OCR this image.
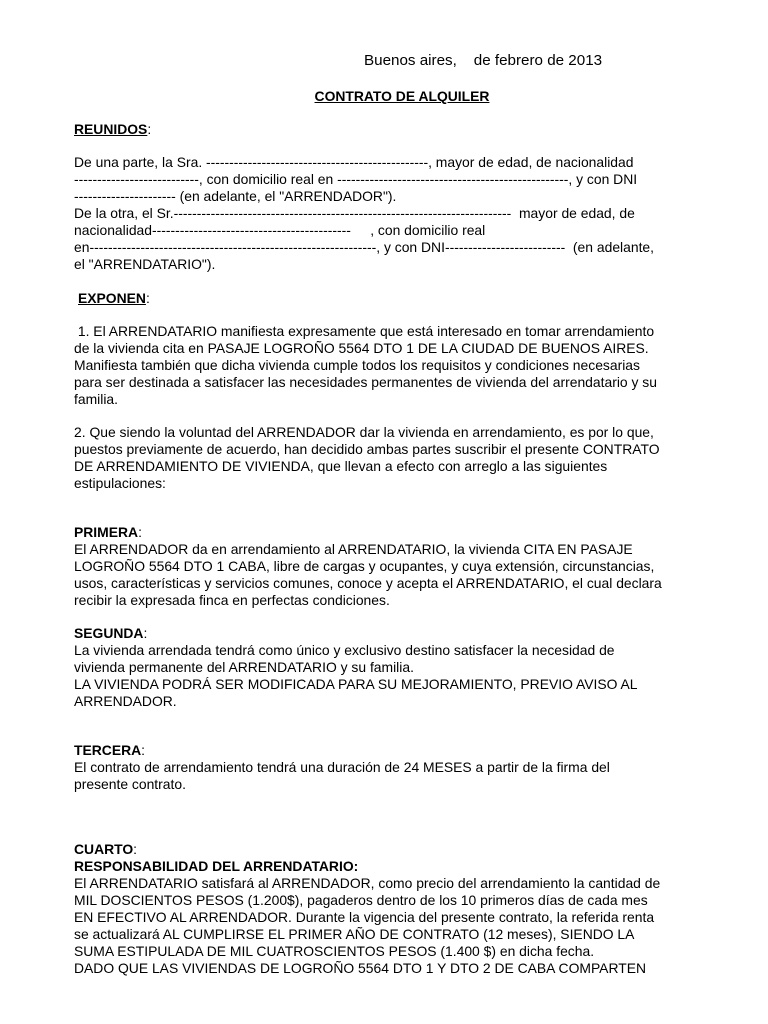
Buenos aires,    de febrero de 2013
CONTRATO DE ALQUILER
REUNIDOS:
De una parte, la Sra. ------------------------------------------------, mayor de edad, de nacionalidad
---------------------------, con domicilio real en --------------------------------------------------, y con DNI
---------------------- (en adelante, el "ARRENDADOR").
De la otra, el Sr.-------------------------------------------------------------------------  mayor de edad, de
nacionalidad-------------------------------------------     , con domicilio real
en--------------------------------------------------------------, y con DNI--------------------------  (en adelante,
el "ARRENDATARIO").
EXPONEN:
1. El ARRENDATARIO manifiesta expresamente que está interesado en tomar arrendamiento
de la vivienda cita en PASAJE LOGROÑO 5564 DTO 1 DE LA CIUDAD DE BUENOS AIRES.
Manifiesta también que dicha vivienda cumple todos los requisitos y condiciones necesarias
para ser destinada a satisfacer las necesidades permanentes de vivienda del arrendatario y su
familia.
2. Que siendo la voluntad del ARRENDADOR dar la vivienda en arrendamiento, es por lo que,
puestos previamente de acuerdo, han decidido ambas partes suscribir el presente CONTRATO
DE ARRENDAMIENTO DE VIVIENDA, que llevan a efecto con arreglo a las siguientes
estipulaciones:
PRIMERA:
El ARRENDADOR da en arrendamiento al ARRENDATARIO, la vivienda CITA EN PASAJE
LOGROÑO 5564 DTO 1 CABA, libre de cargas y ocupantes, y cuya extensión, circunstancias,
usos, características y servicios comunes, conoce y acepta el ARRENDATARIO, el cual declara
recibir la expresada finca en perfectas condiciones.
SEGUNDA:
La vivienda arrendada tendrá como único y exclusivo destino satisfacer la necesidad de
vivienda permanente del ARRENDATARIO y su familia.
LA VIVIENDA PODRÁ SER MODIFICADA PARA SU MEJORAMIENTO, PREVIO AVISO AL
ARRENDADOR.
TERCERA:
El contrato de arrendamiento tendrá una duración de 24 MESES a partir de la firma del
presente contrato.
CUARTO:
RESPONSABILIDAD DEL ARRENDATARIO:
El ARRENDATARIO satisfará al ARRENDADOR, como precio del arrendamiento la cantidad de
MIL DOSCIENTOS PESOS (1.200$), pagaderos dentro de los 10 primeros días de cada mes
EN EFECTIVO AL ARRENDADOR. Durante la vigencia del presente contrato, la referida renta
se actualizará AL CUMPLIRSE EL PRIMER AÑO DE CONTRATO (12 meses), SIENDO LA
SUMA ESTIPULADA DE MIL CUATROSCIENTOS PESOS (1.400 $) en dicha fecha.
DADO QUE LAS VIVIENDAS DE LOGROÑO 5564 DTO 1 Y DTO 2 DE CABA COMPARTEN
